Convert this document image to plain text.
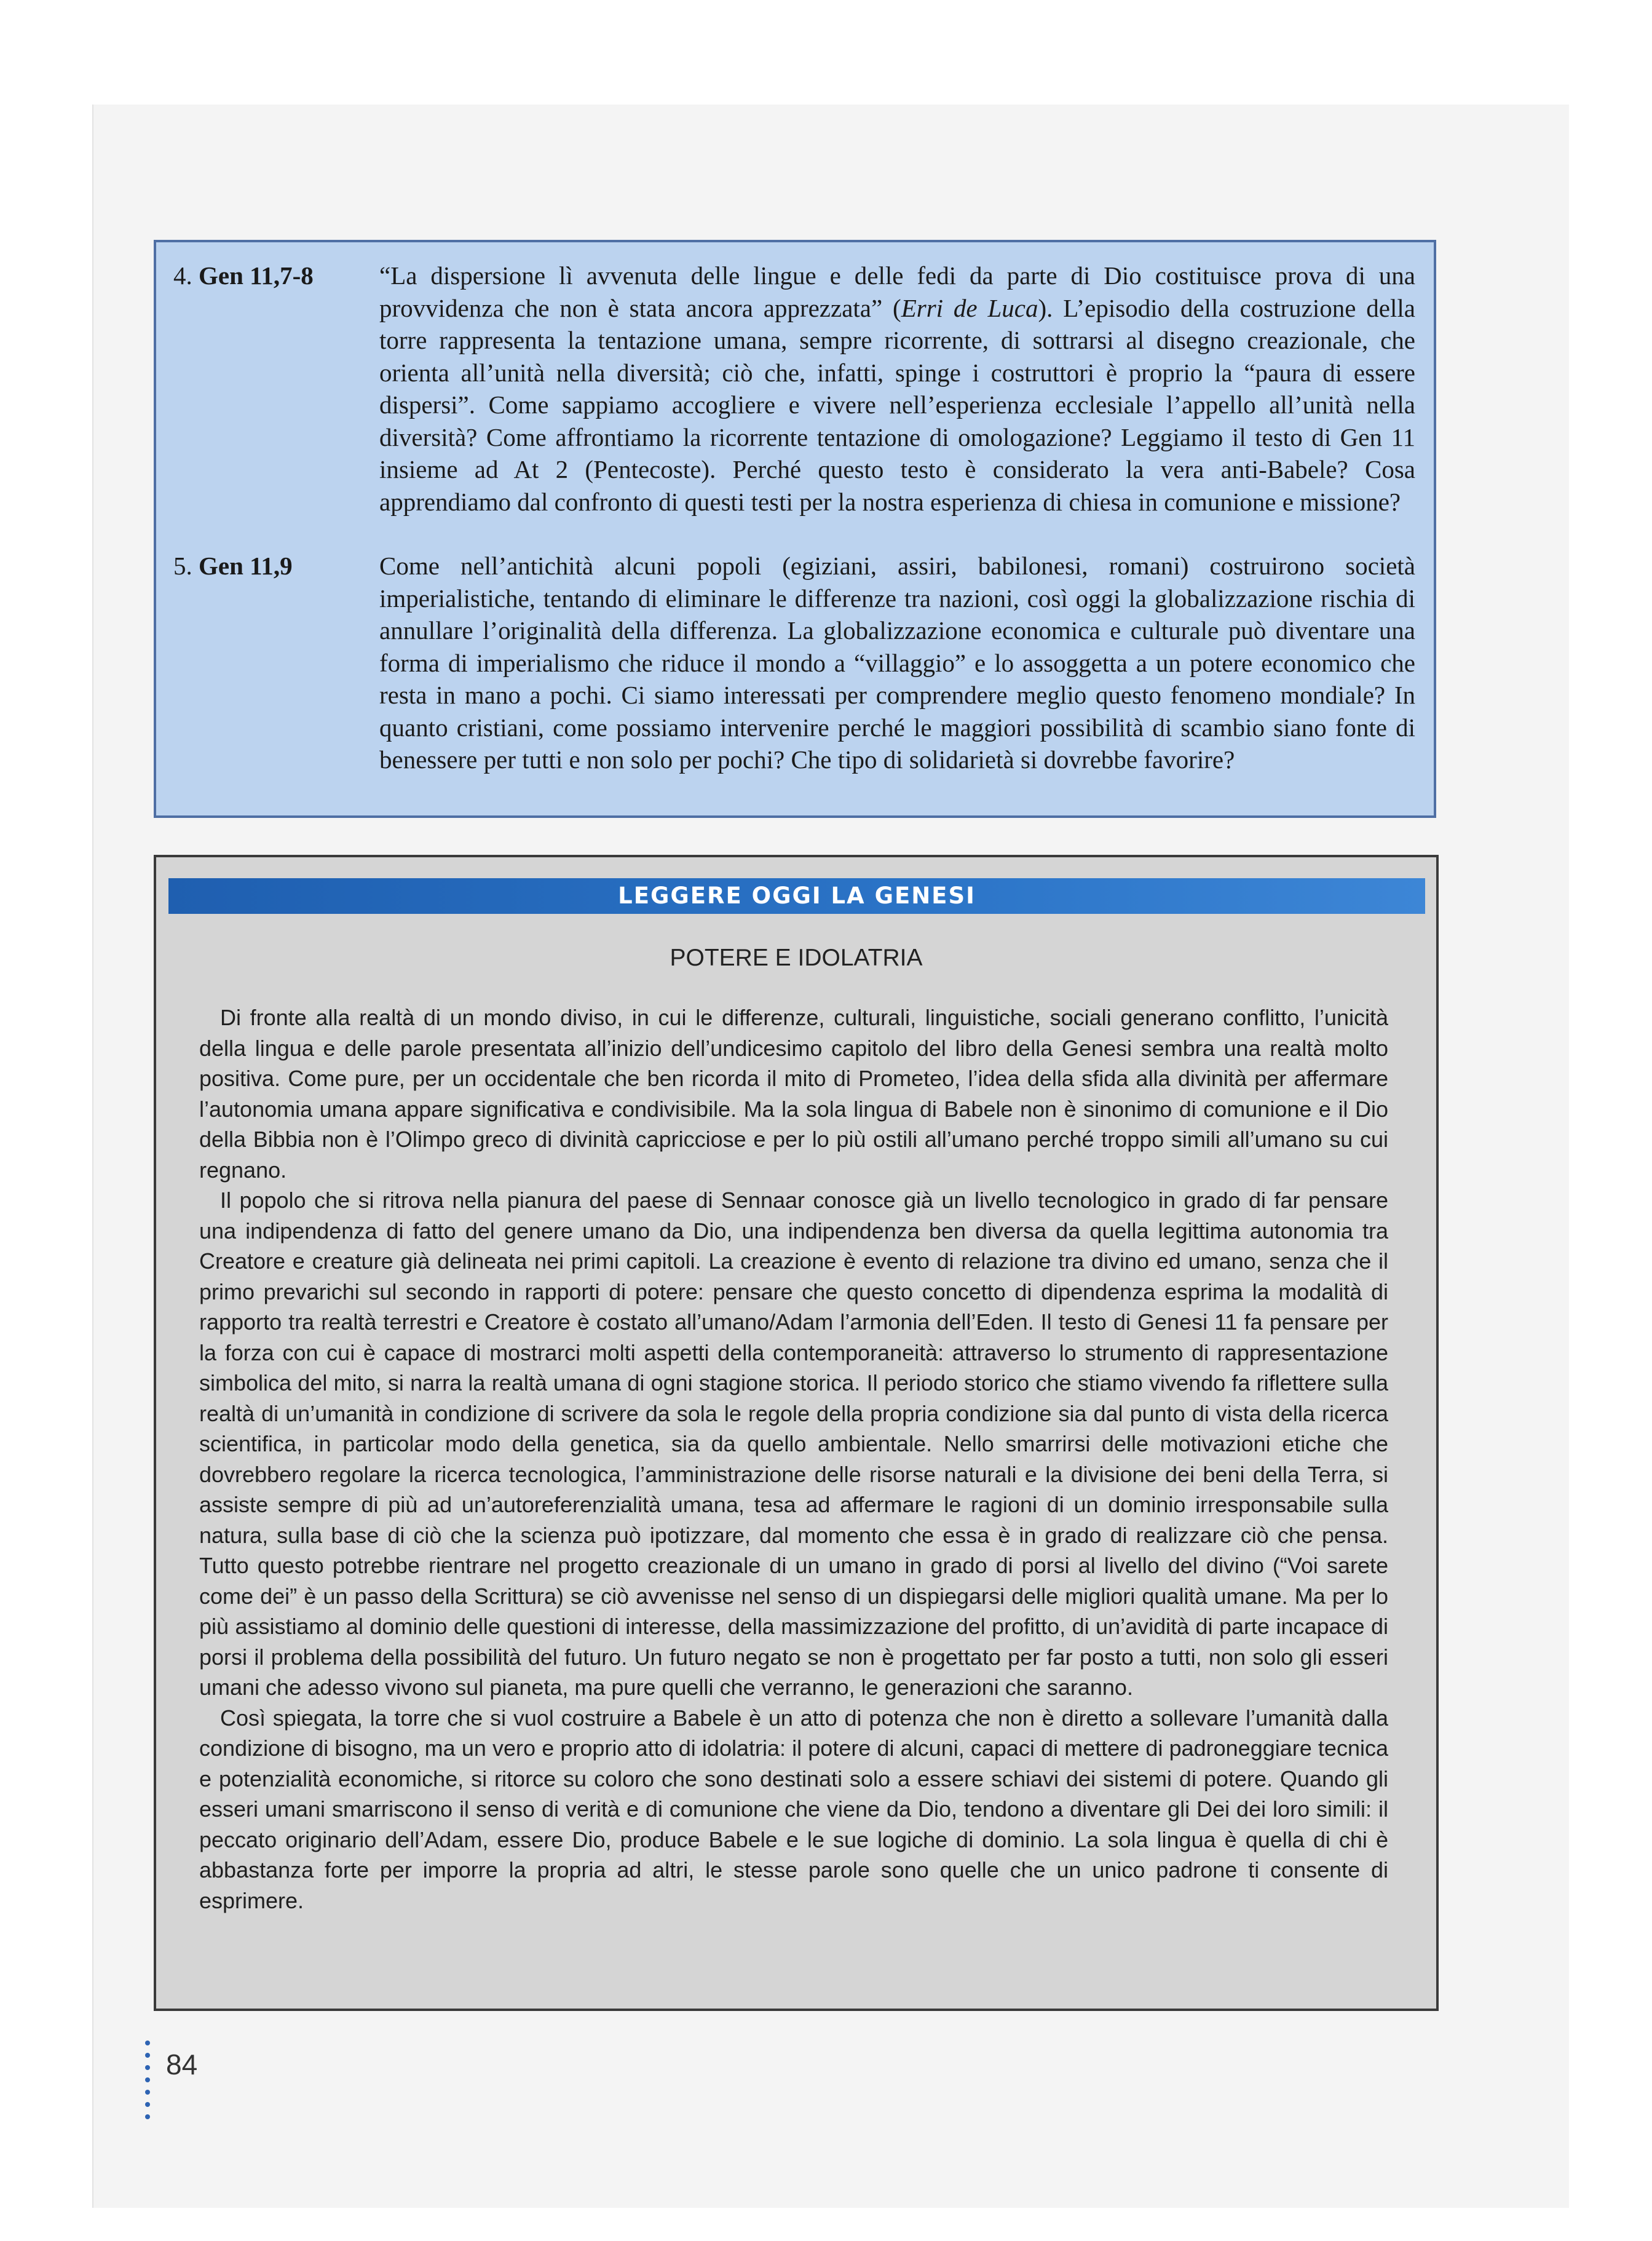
4. Gen 11,7-8	“La dispersione lì avvenuta delle lingue e delle fedi da parte di Dio costituisce prova di una provvidenza che non è stata ancora apprezzata” (Erri de Luca). L’episodio della costruzione della torre rappresenta la tentazione umana, sempre ricorrente, di sottrarsi al disegno creazionale, che orienta all’unità nella diversità; ciò che, infatti, spinge i costruttori è proprio la “paura di essere dispersi”. Come sappiamo accogliere e vivere nell’esperienza ecclesiale l’appello all’unità nella diversità? Come affrontiamo la ricorrente tentazione di omologazione? Leggiamo il testo di Gen 11 insieme ad At 2 (Pentecoste). Perché questo testo è considerato la vera anti-Babele? Cosa apprendiamo dal confronto di questi testi per la nostra esperienza di chiesa in comunione e missione?
5. Gen 11,9	Come nell’antichità alcuni popoli (egiziani, assiri, babilonesi, romani) costruirono società imperialistiche, tentando di eliminare le differenze tra nazioni, così oggi la globalizzazione rischia di annullare l’originalità della differenza. La globalizzazione economica e culturale può diventare una forma di imperialismo che riduce il mondo a “villaggio” e lo assoggetta a un potere economico che resta in mano a pochi. Ci siamo interessati per comprendere meglio questo fenomeno mondiale? In quanto cristiani, come possiamo intervenire perché le maggiori possibilità di scambio siano fonte di benessere per tutti e non solo per pochi? Che tipo di solidarietà si dovrebbe favorire?
LEGGERE OGGI LA GENESI
POTERE E IDOLATRIA

Di fronte alla realtà di un mondo diviso, in cui le differenze, culturali, linguistiche, sociali generano conflitto, l’unicità della lingua e delle parole presentata all’inizio dell’undicesimo capitolo del libro della Genesi sembra una realtà molto positiva. Come pure, per un occidentale che ben ricorda il mito di Prometeo, l’idea della sfida alla divinità per affermare l’autonomia umana appare significativa e condivisibile. Ma la sola lingua di Babele non è sinonimo di comunione e il Dio della Bibbia non è l’Olimpo greco di divinità capricciose e per lo più ostili all’umano perché troppo simili all’umano su cui regnano.

Il popolo che si ritrova nella pianura del paese di Sennaar conosce già un livello tecnologico in grado di far pensare una indipendenza di fatto del genere umano da Dio, una indipendenza ben diversa da quella legittima autonomia tra Creatore e creature già delineata nei primi capitoli. La creazione è evento di relazione tra divino ed umano, senza che il primo prevarichi sul secondo in rapporti di potere: pensare che questo concetto di dipendenza esprima la modalità di rapporto tra realtà terrestri e Creatore è costato all’umano/Adam l’armonia dell’Eden. Il testo di Genesi 11 fa pensare per la forza con cui è capace di mostrarci molti aspetti della contemporaneità: attraverso lo strumento di rappresentazione simbolica del mito, si narra la realtà umana di ogni stagione storica. Il periodo storico che stiamo vivendo fa riflettere sulla realtà di un’umanità in condizione di scrivere da sola le regole della propria condizione sia dal punto di vista della ricerca scientifica, in particolar modo della genetica, sia da quello ambientale. Nello smarrirsi delle motivazioni etiche che dovrebbero regolare la ricerca tecnologica, l’amministrazione delle risorse naturali e la divisione dei beni della Terra, si assiste sempre di più ad un’autoreferenzialità umana, tesa ad affermare le ragioni di un dominio irresponsabile sulla natura, sulla base di ciò che la scienza può ipotizzare, dal momento che essa è in grado di realizzare ciò che pensa. Tutto questo potrebbe rientrare nel progetto creazionale di un umano in grado di porsi al livello del divino (“Voi sarete come dei” è un passo della Scrittura) se ciò avvenisse nel senso di un dispiegarsi delle migliori qualità umane. Ma per lo più assistiamo al dominio delle questioni di interesse, della massimizzazione del profitto, di un’avidità di parte incapace di porsi il problema della possibilità del futuro. Un futuro negato se non è progettato per far posto a tutti, non solo gli esseri umani che adesso vivono sul pianeta, ma pure quelli che verranno, le generazioni che saranno.

Così spiegata, la torre che si vuol costruire a Babele è un atto di potenza che non è diretto a sollevare l’umanità dalla condizione di bisogno, ma un vero e proprio atto di idolatria: il potere di alcuni, capaci di mettere di padroneggiare tecnica e potenzialità economiche, si ritorce su coloro che sono destinati solo a essere schiavi dei sistemi di potere. Quando gli esseri umani smarriscono il senso di verità e di comunione che viene da Dio, tendono a diventare gli Dei dei loro simili: il peccato originario dell’Adam, essere Dio, produce Babele e le sue logiche di dominio. La sola lingua è quella di chi è abbastanza forte per imporre la propria ad altri, le stesse parole sono quelle che un unico padrone ti consente di esprimere.

84
